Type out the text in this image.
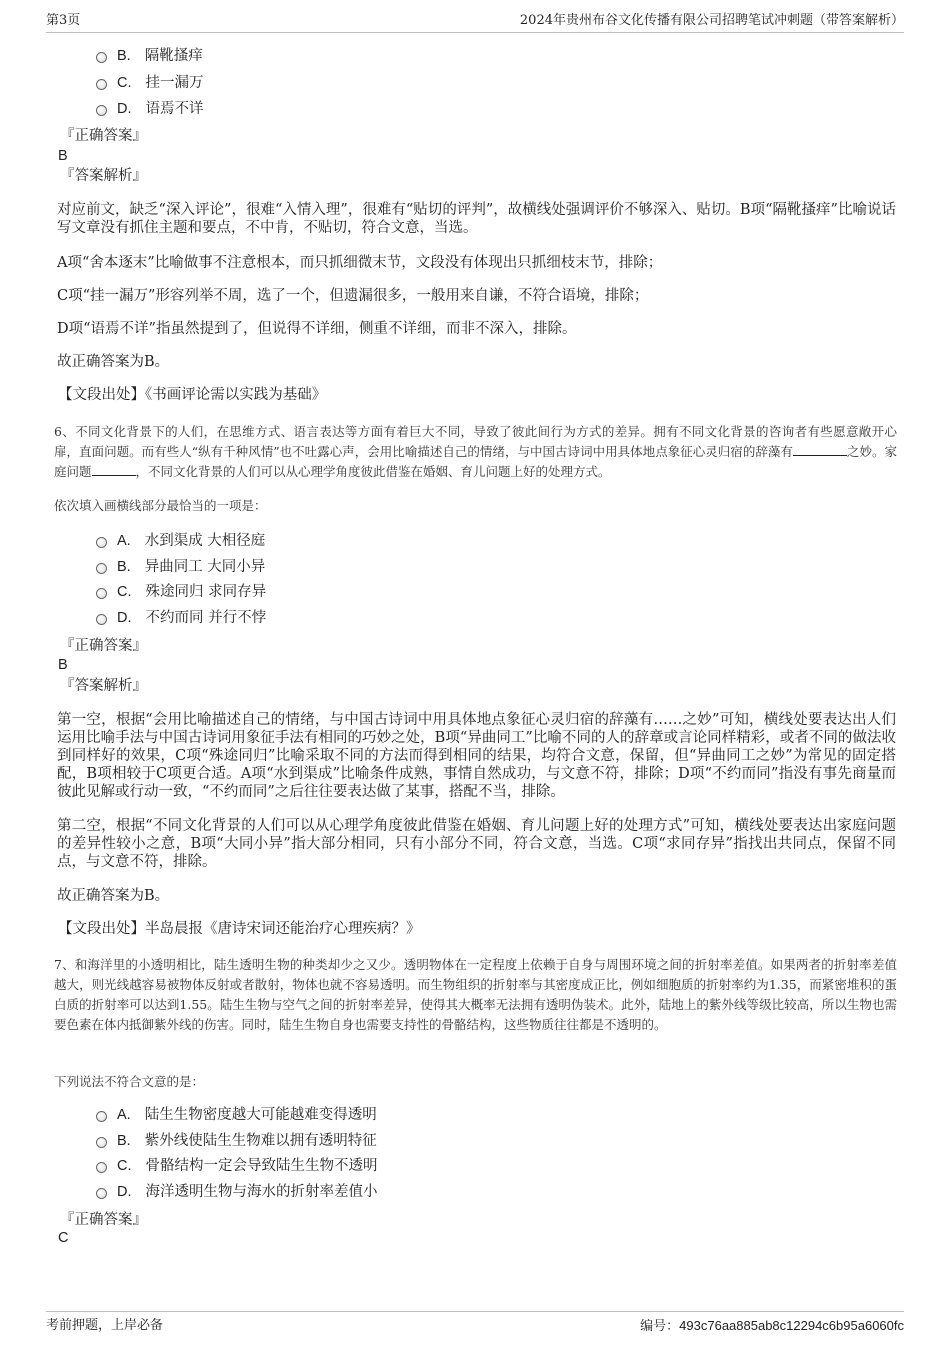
第3页	2024年贵州布谷文化传播有限公司招聘笔试冲刺题（带答案解析）
B. 隔靴搔痒
C. 挂一漏万
D. 语焉不详
『正确答案』
B
『答案解析』
对应前文，缺乏“深入评论”，很难“入情入理”，很难有“贴切的评判”，故横线处强调评价不够深入、贴切。B项“隔靴搔痒”比喻说话写文章没有抓住主题和要点，不中肯，不贴切，符合文意，当选。
A项“舍本逐末”比喻做事不注意根本，而只抓细微末节，文段没有体现出只抓细枝末节，排除；
C项“挂一漏万”形容列举不周，选了一个，但遗漏很多，一般用来自谦，不符合语境，排除；
D项“语焉不详”指虽然提到了，但说得不详细，侧重不详细，而非不深入，排除。
故正确答案为B。
【文段出处】《书画评论需以实践为基础》
6、不同文化背景下的人们，在思维方式、语言表达等方面有着巨大不同，导致了彼此间行为方式的差异。拥有不同文化背景的咨询者有些愿意敞开心扉，直面问题。而有些人“纵有千种风情”也不吐露心声，会用比喻描述自己的情绪，与中国古诗词中用具体地点象征心灵归宿的辞藻有	之妙。家庭问题	，不同文化背景的人们可以从心理学角度彼此借鉴在婚姻、育儿问题上好的处理方式。
依次填入画横线部分最恰当的一项是：
A. 水到渠成 大相径庭
B. 异曲同工 大同小异
C. 殊途同归 求同存异
D. 不约而同 并行不悖
『正确答案』
B
『答案解析』
第一空，根据“会用比喻描述自己的情绪，与中国古诗词中用具体地点象征心灵归宿的辞藻有……之妙”可知，横线处要表达出人们运用比喻手法与中国古诗词用象征手法有相同的巧妙之处，B项“异曲同工”比喻不同的人的辞章或言论同样精彩，或者不同的做法收到同样好的效果，C项“殊途同归”比喻采取不同的方法而得到相同的结果，均符合文意，保留，但“异曲同工之妙”为常见的固定搭配，B项相较于C项更合适。A项“水到渠成”比喻条件成熟，事情自然成功，与文意不符，排除；D项“不约而同”指没有事先商量而彼此见解或行动一致，“不约而同”之后往往要表达做了某事，搭配不当，排除。
第二空，根据“不同文化背景的人们可以从心理学角度彼此借鉴在婚姻、育儿问题上好的处理方式”可知，横线处要表达出家庭问题的差异性较小之意，B项“大同小异”指大部分相同，只有小部分不同，符合文意，当选。C项“求同存异”指找出共同点，保留不同点，与文意不符，排除。
故正确答案为B。
【文段出处】半岛晨报《唐诗宋词还能治疗心理疾病？》
7、和海洋里的小透明相比，陆生透明生物的种类却少之又少。透明物体在一定程度上依赖于自身与周围环境之间的折射率差值。如果两者的折射率差值越大，则光线越容易被物体反射或者散射，物体也就不容易透明。而生物组织的折射率与其密度成正比，例如细胞质的折射率约为1.35，而紧密堆积的蛋白质的折射率可以达到1.55。陆生生物与空气之间的折射率差异，使得其大概率无法拥有透明伪装术。此外，陆地上的紫外线等级比较高，所以生物也需要色素在体内抵御紫外线的伤害。同时，陆生生物自身也需要支持性的骨骼结构，这些物质往往都是不透明的。
下列说法不符合文意的是：
A. 陆生生物密度越大可能越难变得透明
B. 紫外线使陆生生物难以拥有透明特征
C. 骨骼结构一定会导致陆生生物不透明
D. 海洋透明生物与海水的折射率差值小
『正确答案』
C
考前押题，上岸必备	编号：493c76aa885ab8c12294c6b95a6060fc
